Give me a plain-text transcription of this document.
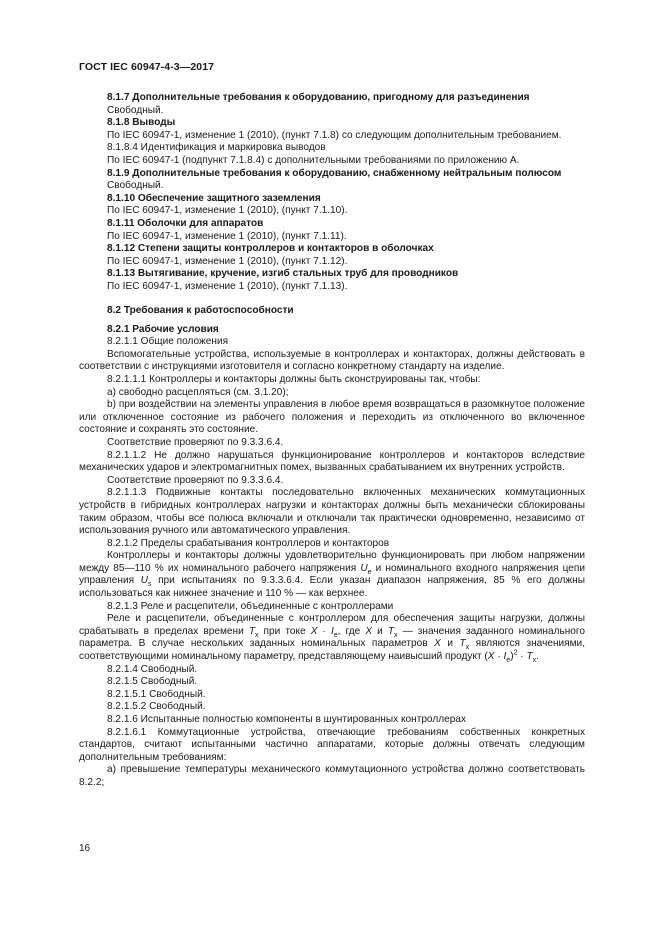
ГОСТ IEC 60947-4-3—2017

8.1.7 Дополнительные требования к оборудованию, пригодному для разъединения

Свободный.

8.1.8 Выводы

По IEC 60947-1, изменение 1 (2010), (пункт 7.1.8) со следующим дополнительным требованием.

8.1.8.4 Идентификация и маркировка выводов

По IEC 60947-1 (подпункт 7.1.8.4) с дополнительными требованиями по приложению А.

8.1.9 Дополнительные требования к оборудованию, снабженному нейтральным полюсом

Свободный.

8.1.10 Обеспечение защитного заземления

По IEC 60947-1, изменение 1 (2010), (пункт 7.1.10).

8.1.11 Оболочки для аппаратов

По IEC 60947-1, изменение 1 (2010), (пункт 7.1.11).

8.1.12 Степени защиты контроллеров и контакторов в оболочках

По IEC 60947-1, изменение 1 (2010), (пункт 7.1.12).

8.1.13 Вытягивание, кручение, изгиб стальных труб для проводников

По IEC 60947-1, изменение 1 (2010), (пункт 7.1.13).

8.2 Требования к работоспособности

8.2.1 Рабочие условия

8.2.1.1 Общие положения

Вспомогательные устройства, используемые в контроллерах и контакторах, должны действовать в соответствии с инструкциями изготовителя и согласно конкретному стандарту на изделие.

8.2.1.1.1 Контроллеры и контакторы должны быть сконструированы так, чтобы:

а) свободно расцепляться (см. 3.1.20);

b) при воздействии на элементы управления в любое время возвращаться в разомкнутое положение или отключенное состояние из рабочего положения и переходить из отключенного во включенное состояние и сохранять это состояние.

Соответствие проверяют по 9.3.3.6.4.

8.2.1.1.2 Не должно нарушаться функционирование контроллеров и контакторов вследствие механических ударов и электромагнитных помех, вызванных срабатыванием их внутренних устройств.

Соответствие проверяют по 9.3.3.6.4.

8.2.1.1.3 Подвижные контакты последовательно включенных механических коммутационных устройств в гибридных контроллерах нагрузки и контакторах должны быть механически сблокированы таким образом, чтобы все полюса включали и отключали так практически одновременно, независимо от использования ручного или автоматического управления.

8.2.1.2 Пределы срабатывания контроллеров и контакторов

Контроллеры и контакторы должны удовлетворительно функционировать при любом напряжении между 85—110 % их номинального рабочего напряжения $U_e$ и номинального входного напряжения цепи управления $U_s$ при испытаниях по 9.3.3.6.4. Если указан диапазон напряжения, 85 % его должны использоваться как нижнее значение и 110 % — как верхнее.

8.2.1.3 Реле и расцепители, объединенные с контроллерами

Реле и расцепители, объединенные с контроллером для обеспечения защиты нагрузки, должны срабатывать в пределах времени $T_x$ при токе $X \cdot I_e$, где X и $T_x$ — значения заданного номинального параметра. В случае нескольких заданных номинальных параметров X и $T_x$ являются значениями, соответствующими номинальному параметру, представляющему наивысший продукт $(X \cdot I_e)^2 \cdot T_x$.

8.2.1.4 Свободный.

8.2.1.5 Свободный.

8.2.1.5.1 Свободный.

8.2.1.5.2 Свободный.

8.2.1.6 Испытанные полностью компоненты в шунтированных контроллерах

8.2.1.6.1 Коммутационные устройства, отвечающие требованиям собственных конкретных стандартов, считают испытанными частично аппаратами, которые должны отвечать следующим дополнительным требованиям:

а) превышение температуры механического коммутационного устройства должно соответствовать 8.2.2;

16
